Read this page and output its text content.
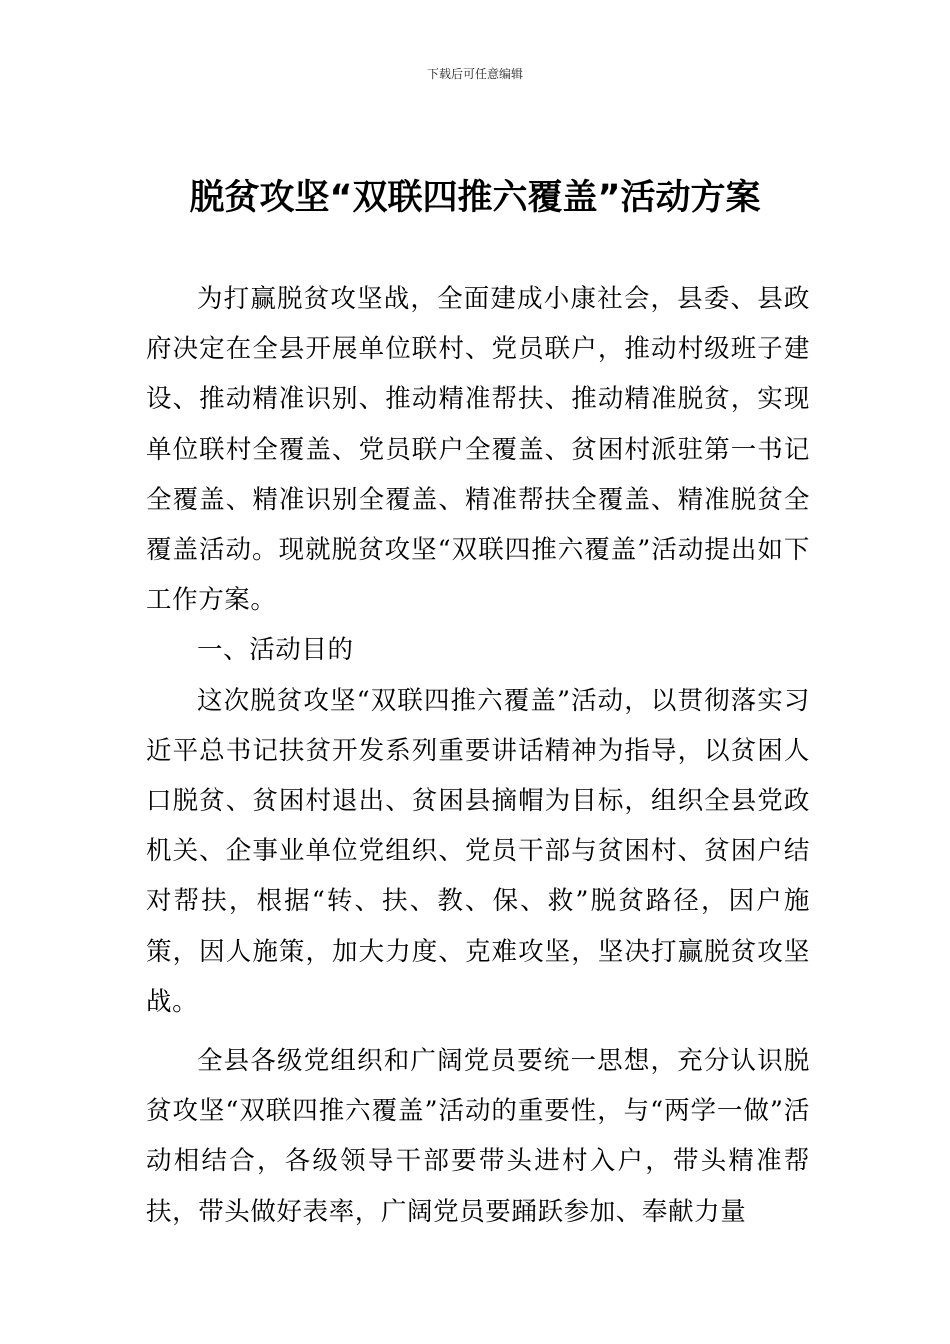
下载后可任意编辑
脱贫攻坚“双联四推六覆盖”活动方案

为打赢脱贫攻坚战，全面建成小康社会，县委、县政府决定在全县开展单位联村、党员联户，推动村级班子建设、推动精准识别、推动精准帮扶、推动精准脱贫，实现单位联村全覆盖、党员联户全覆盖、贫困村派驻第一书记全覆盖、精准识别全覆盖、精准帮扶全覆盖、精准脱贫全覆盖活动。现就脱贫攻坚“双联四推六覆盖”活动提出如下工作方案。

一、活动目的

这次脱贫攻坚“双联四推六覆盖”活动，以贯彻落实习近平总书记扶贫开发系列重要讲话精神为指导，以贫困人口脱贫、贫困村退出、贫困县摘帽为目标，组织全县党政机关、企事业单位党组织、党员干部与贫困村、贫困户结对帮扶，根据“转、扶、教、保、救”脱贫路径，因户施策，因人施策，加大力度、克难攻坚，坚决打赢脱贫攻坚战。

全县各级党组织和广阔党员要统一思想，充分认识脱贫攻坚“双联四推六覆盖”活动的重要性，与“两学一做”活动相结合，各级领导干部要带头进村入户，带头精准帮扶，带头做好表率，广阔党员要踊跃参加、奉献力量
